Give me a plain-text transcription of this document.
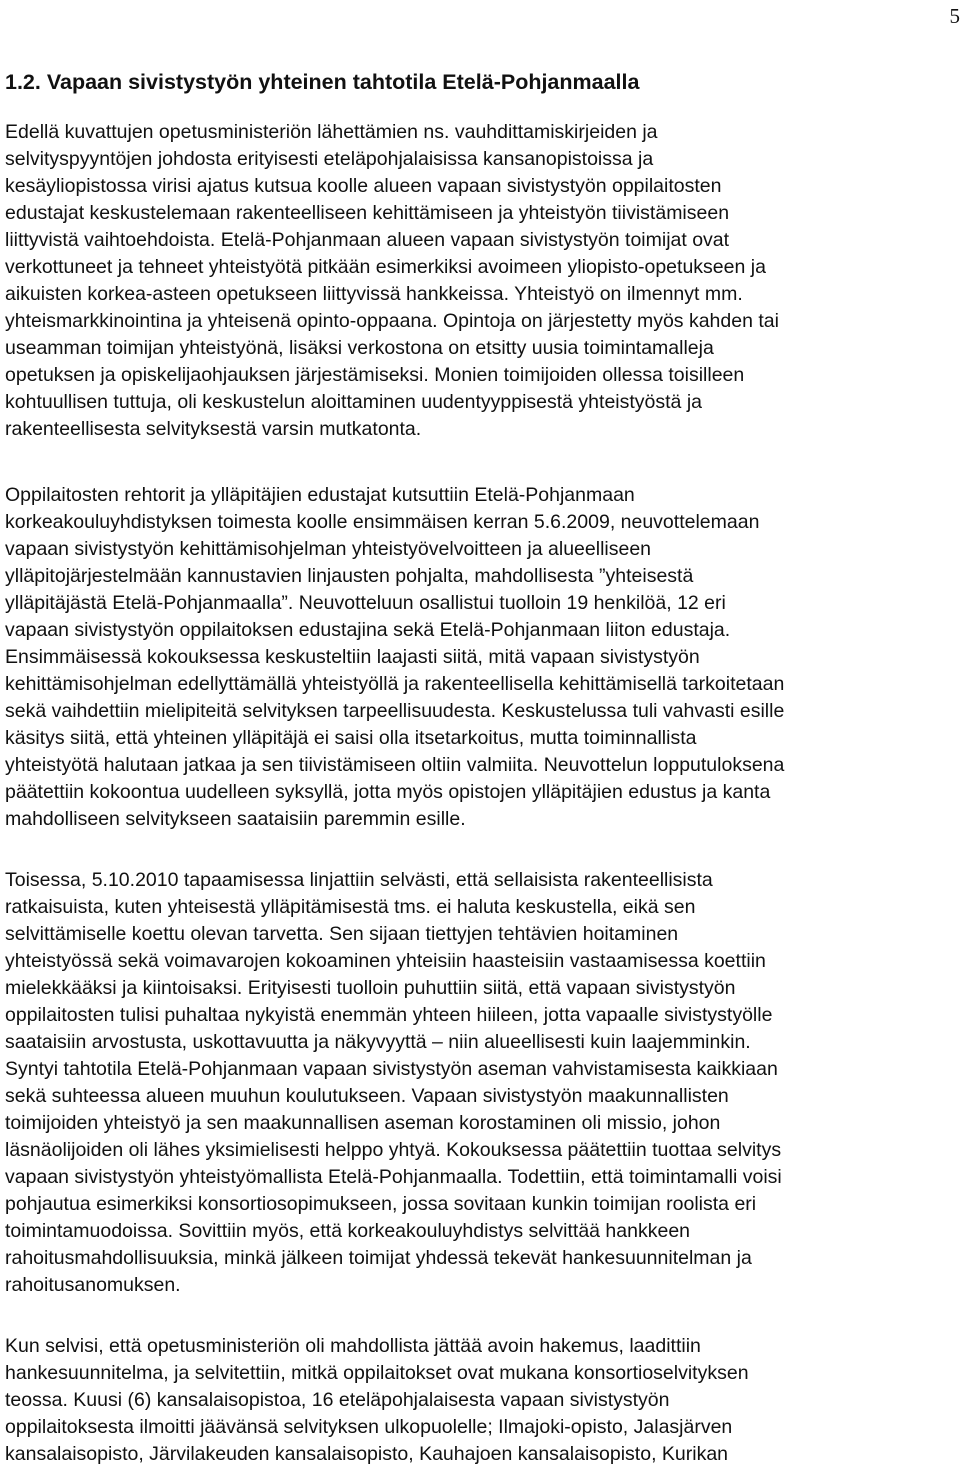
5
1.2. Vapaan sivistystyön yhteinen tahtotila Etelä-Pohjanmaalla
Edellä kuvattujen opetusministeriön lähettämien ns. vauhdittamiskirjeiden ja
selvityspyyntöjen johdosta erityisesti eteläpohjalaisissa kansanopistoissa ja
kesäyliopistossa virisi ajatus kutsua koolle alueen vapaan sivistystyön oppilaitosten
edustajat keskustelemaan rakenteelliseen kehittämiseen ja yhteistyön tiivistämiseen
liittyvistä vaihtoehdoista. Etelä-Pohjanmaan alueen vapaan sivistystyön toimijat ovat
verkottuneet ja tehneet yhteistyötä pitkään esimerkiksi avoimeen yliopisto-opetukseen ja
aikuisten korkea-asteen opetukseen liittyvissä hankkeissa. Yhteistyö on ilmennyt mm.
yhteismarkkinointina ja yhteisenä opinto-oppaana. Opintoja on järjestetty myös kahden tai
useamman toimijan yhteistyönä, lisäksi verkostona on etsitty uusia toimintamalleja
opetuksen ja opiskelijaohjauksen järjestämiseksi. Monien toimijoiden ollessa toisilleen
kohtuullisen tuttuja, oli keskustelun aloittaminen uudentyyppisestä yhteistyöstä ja
rakenteellisesta selvityksestä varsin mutkatonta.
Oppilaitosten rehtorit ja ylläpitäjien edustajat kutsuttiin Etelä-Pohjanmaan
korkeakouluyhdistyksen toimesta koolle ensimmäisen kerran 5.6.2009, neuvottelemaan
vapaan sivistystyön kehittämisohjelman yhteistyövelvoitteen ja alueelliseen
ylläpitojärjestelmään kannustavien linjausten pohjalta, mahdollisesta ”yhteisestä
ylläpitäjästä Etelä-Pohjanmaalla”. Neuvotteluun osallistui tuolloin 19 henkilöä, 12 eri
vapaan sivistystyön oppilaitoksen edustajina sekä Etelä-Pohjanmaan liiton edustaja.
Ensimmäisessä kokouksessa keskusteltiin laajasti siitä, mitä vapaan sivistystyön
kehittämisohjelman edellyttämällä yhteistyöllä ja rakenteellisella kehittämisellä tarkoitetaan
sekä vaihdettiin mielipiteitä selvityksen tarpeellisuudesta. Keskustelussa tuli vahvasti esille
käsitys siitä, että yhteinen ylläpitäjä ei saisi olla itsetarkoitus, mutta toiminnallista
yhteistyötä halutaan jatkaa ja sen tiivistämiseen oltiin valmiita. Neuvottelun lopputuloksena
päätettiin kokoontua uudelleen syksyllä, jotta myös opistojen ylläpitäjien edustus ja kanta
mahdolliseen selvitykseen saataisiin paremmin esille.
Toisessa, 5.10.2010 tapaamisessa linjattiin selvästi, että sellaisista rakenteellisista
ratkaisuista, kuten yhteisestä ylläpitämisestä tms. ei haluta keskustella, eikä sen
selvittämiselle koettu olevan tarvetta. Sen sijaan tiettyjen tehtävien hoitaminen
yhteistyössä sekä voimavarojen kokoaminen yhteisiin haasteisiin vastaamisessa koettiin
mielekkääksi ja kiintoisaksi. Erityisesti tuolloin puhuttiin siitä, että vapaan sivistystyön
oppilaitosten tulisi puhaltaa nykyistä enemmän yhteen hiileen, jotta vapaalle sivistystyölle
saataisiin arvostusta, uskottavuutta ja näkyvyyttä – niin alueellisesti kuin laajemminkin.
Syntyi tahtotila Etelä-Pohjanmaan vapaan sivistystyön aseman vahvistamisesta kaikkiaan
sekä suhteessa alueen muuhun koulutukseen. Vapaan sivistystyön maakunnallisten
toimijoiden yhteistyö ja sen maakunnallisen aseman korostaminen oli missio, johon
läsnäolijoiden oli lähes yksimielisesti helppo yhtyä. Kokouksessa päätettiin tuottaa selvitys
vapaan sivistystyön yhteistyömallista Etelä-Pohjanmaalla. Todettiin, että toimintamalli voisi
pohjautua esimerkiksi konsortiosopimukseen, jossa sovitaan kunkin toimijan roolista eri
toimintamuodoissa. Sovittiin myös, että korkeakouluyhdistys selvittää hankkeen
rahoitusmahdollisuuksia, minkä jälkeen toimijat yhdessä tekevät hankesuunnitelman ja
rahoitusanomuksen.
Kun selvisi, että opetusministeriön oli mahdollista jättää avoin hakemus, laadittiin
hankesuunnitelma, ja selvitettiin, mitkä oppilaitokset ovat mukana konsortioselvityksen
teossa. Kuusi (6) kansalaisopistoa, 16 eteläpohjalaisesta vapaan sivistystyön
oppilaitoksesta ilmoitti jäävänsä selvityksen ulkopuolelle; Ilmajoki-opisto, Jalasjärven
kansalaisopisto, Järvilakeuden kansalaisopisto, Kauhajoen kansalaisopisto, Kurikan
